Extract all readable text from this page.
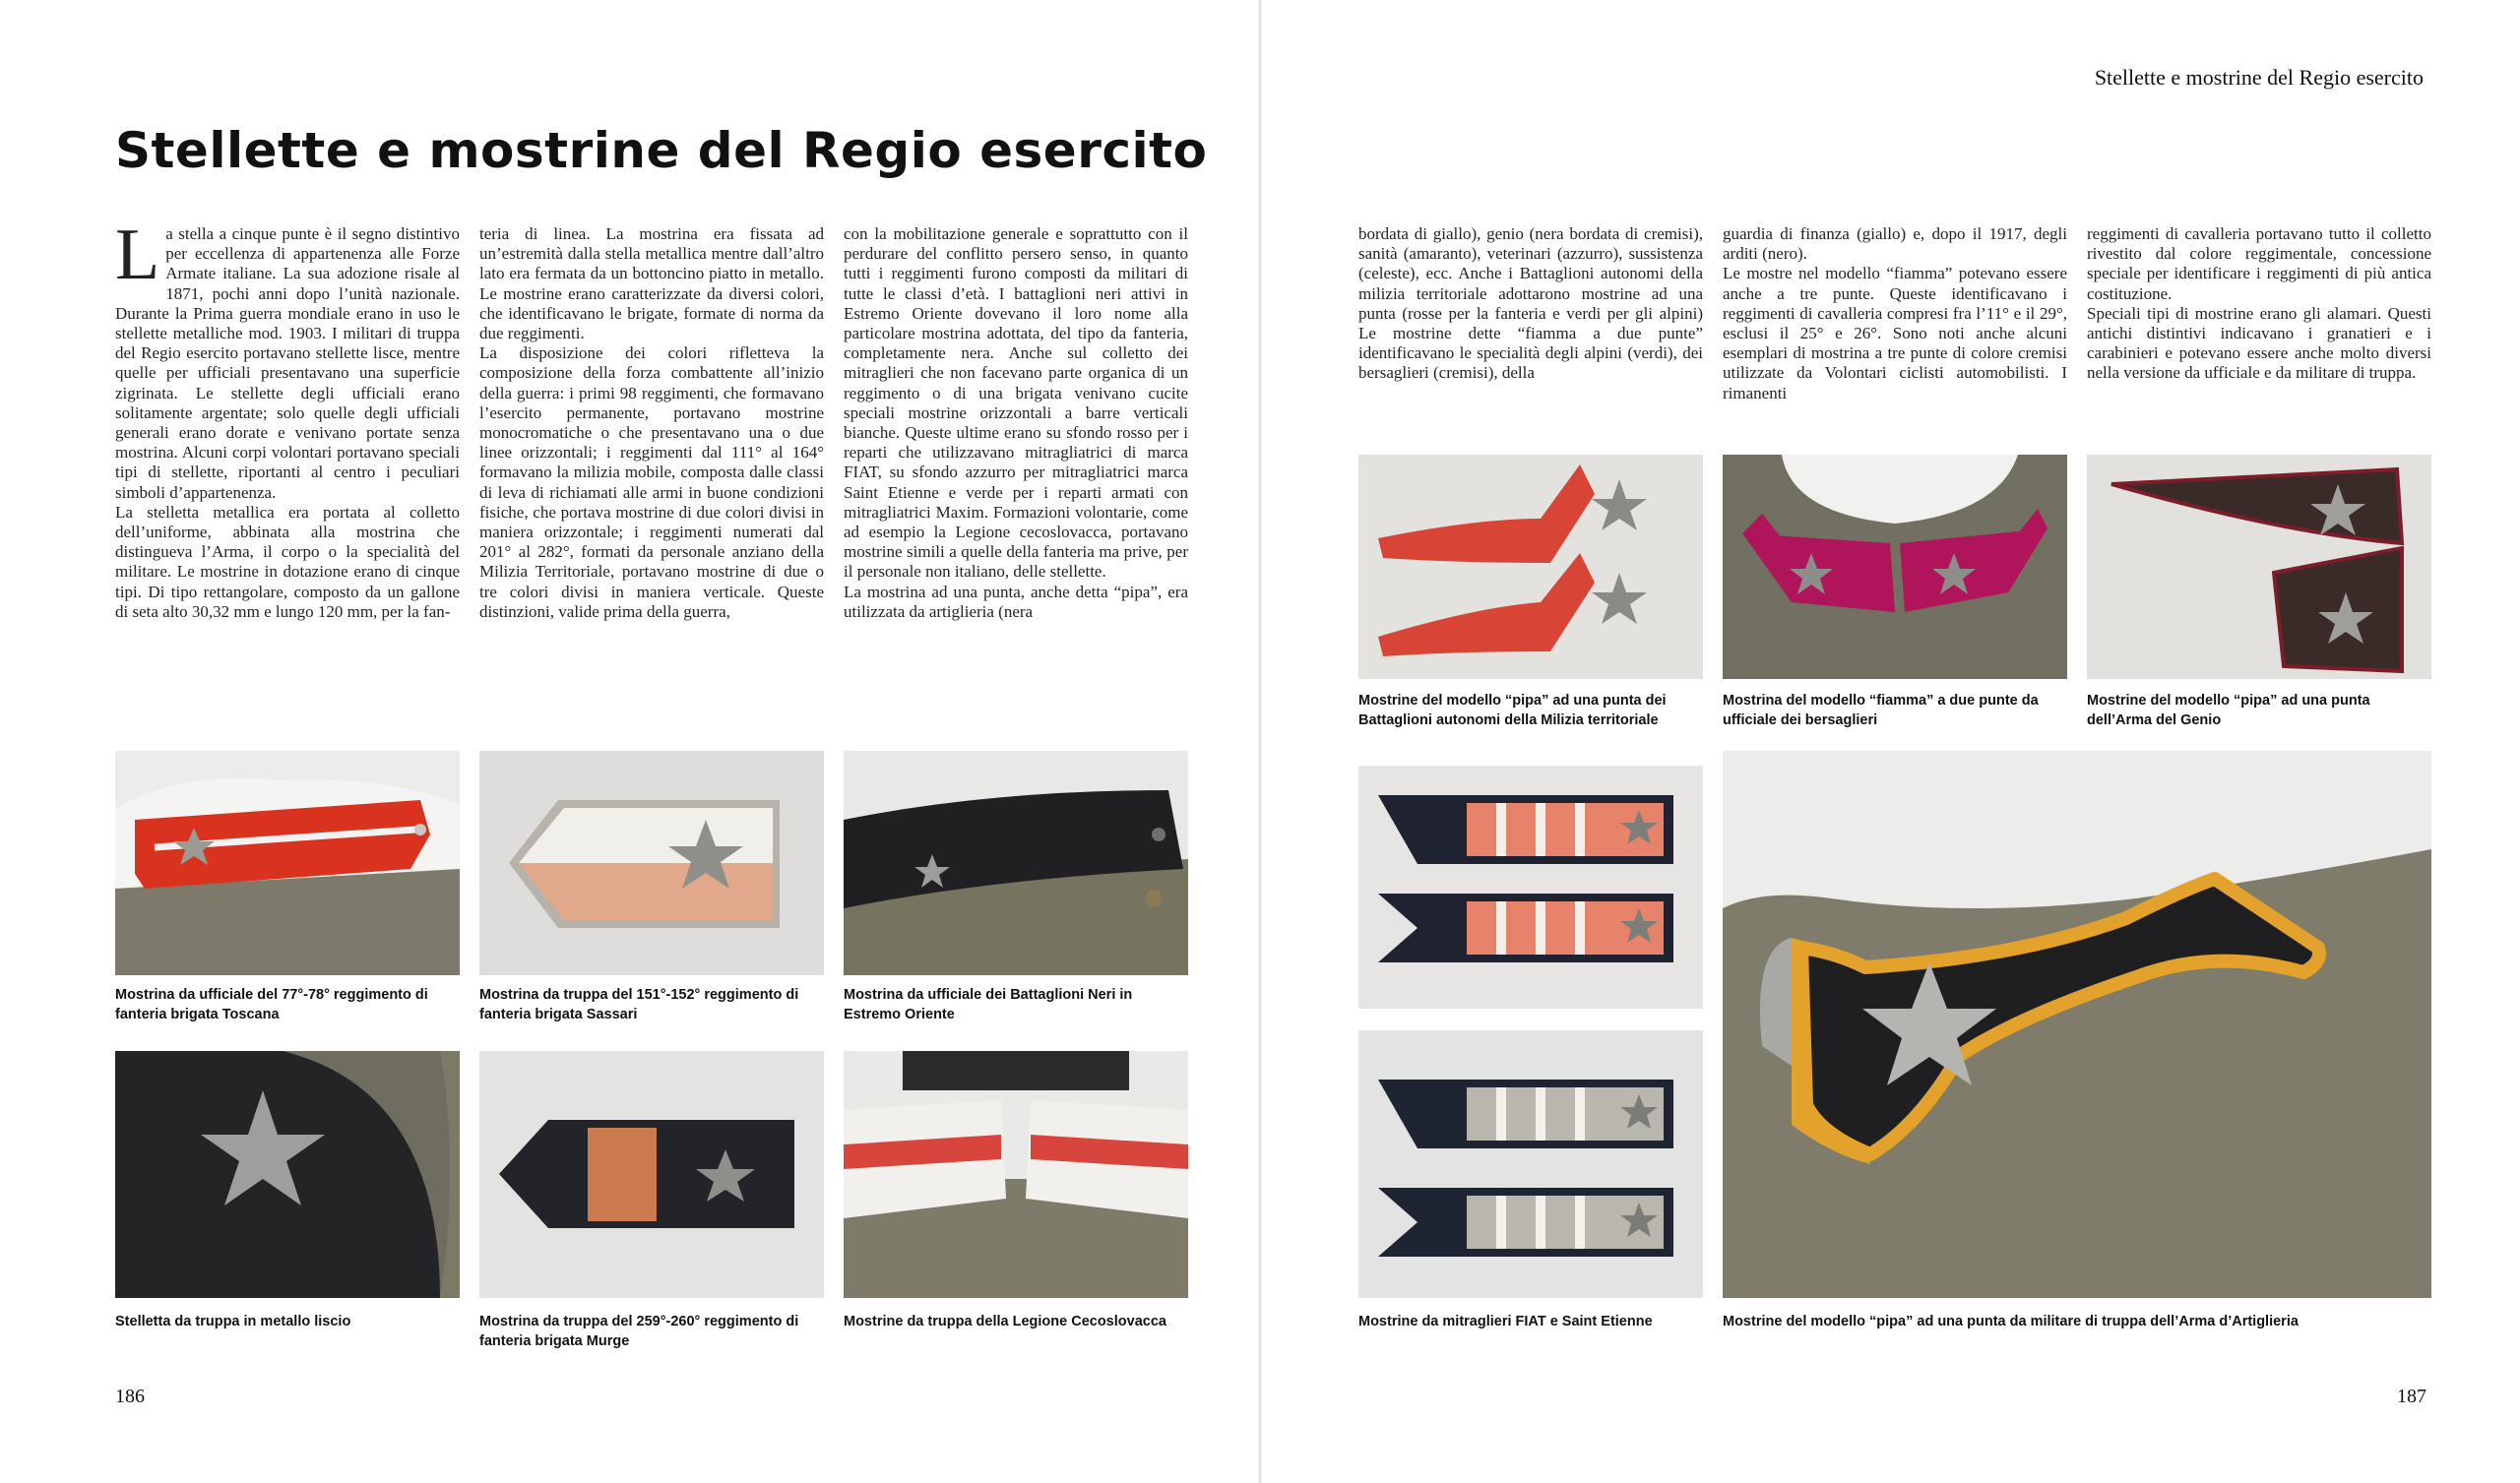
Stellette e mostrine del Regio esercito
Stellette e mostrine del Regio esercito
L a stella a cinque punte è il segno distintivo per eccellenza di appartenenza alle Forze Armate italiane. La sua adozione risale al 1871, pochi anni dopo l’unità nazionale. Durante la Prima guerra mondiale erano in uso le stellette metalliche mod. 1903. I militari di truppa del Regio esercito portavano stellette lisce, mentre quelle per ufficiali presentavano una superficie zigrinata. Le stellette degli ufficiali erano solitamente argentate; solo quelle degli ufficiali generali erano dorate e venivano portate senza mostrina. Alcuni corpi volontari portavano speciali tipi di stellette, riportanti al centro i peculiari simboli d’appartenenza.
La stelletta metallica era portata al colletto dell’uniforme, abbinata alla mostrina che distingueva l’Arma, il corpo o la specialità del militare. Le mostrine in dotazione erano di cinque tipi. Di tipo rettangolare, composto da un gallone di seta alto 30,32 mm e lungo 120 mm, per la fan-

teria di linea. La mostrina era fissata ad un’estremità dalla stella metallica mentre dall’altro lato era fermata da un bottoncino piatto in metallo. Le mostrine erano caratterizzate da diversi colori, che identificavano le brigate, formate di norma da due reggimenti.
La disposizione dei colori rifletteva la composizione della forza combattente all’inizio della guerra: i primi 98 reggimenti, che formavano l’esercito permanente, portavano mostrine monocromatiche o che presentavano una o due linee orizzontali; i reggimenti dal 111° al 164° formavano la milizia mobile, composta dalle classi di leva di richiamati alle armi in buone condizioni fisiche, che portava mostrine di due colori divisi in maniera orizzontale; i reggimenti numerati dal 201° al 282°, formati da personale anziano della Milizia Territoriale, portavano mostrine di due o tre colori divisi in maniera verticale. Queste distinzioni, valide prima della guerra,

con la mobilitazione generale e soprattutto con il perdurare del conflitto persero senso, in quanto tutti i reggimenti furono composti da militari di tutte le classi d’età. I battaglioni neri attivi in Estremo Oriente dovevano il loro nome alla particolare mostrina adottata, del tipo da fanteria, completamente nera. Anche sul colletto dei mitraglieri che non facevano parte organica di un reggimento o di una brigata venivano cucite speciali mostrine orizzontali a barre verticali bianche. Queste ultime erano su sfondo rosso per i reparti che utilizzavano mitragliatrici di marca FIAT, su sfondo azzurro per mitragliatrici marca Saint Etienne e verde per i reparti armati con mitragliatrici Maxim. Formazioni volontarie, come ad esempio la Legione cecoslovacca, portavano mostrine simili a quelle della fanteria ma prive, per il personale non italiano, delle stellette.
La mostrina ad una punta, anche detta “pipa”, era utilizzata da artiglieria (nera

bordata di giallo), genio (nera bordata di cremisi), sanità (amaranto), veterinari (azzurro), sussistenza (celeste), ecc. Anche i Battaglioni autonomi della milizia territoriale adottarono mostrine ad una punta (rosse per la fanteria e verdi per gli alpini) Le mostrine dette “fiamma a due punte” identificavano le specialità degli alpini (verdi), dei bersaglieri (cremisi), della

guardia di finanza (giallo) e, dopo il 1917, degli arditi (nero).
Le mostre nel modello “fiamma” potevano essere anche a tre punte. Queste identificavano i reggimenti di cavalleria compresi fra l’11° e il 29°, esclusi il 25° e 26°. Sono noti anche alcuni esemplari di mostrina a tre punte di colore cremisi utilizzate da Volontari ciclisti automobilisti. I rimanenti

reggimenti di cavalleria portavano tutto il colletto rivestito dal colore reggimentale, concessione speciale per identificare i reggimenti di più antica costituzione.
Speciali tipi di mostrine erano gli alamari. Questi antichi distintivi indicavano i granatieri e i carabinieri e potevano essere anche molto diversi nella versione da ufficiale e da militare di truppa.

Mostrina da ufficiale del 77°-78° reggimento di fanteria brigata Toscana
Mostrina da truppa del 151°-152° reggimento di fanteria brigata Sassari
Mostrina da ufficiale dei Battaglioni Neri in Estremo Oriente
Stelletta da truppa in metallo liscio	Mostrina da truppa del 259°-260° reggimento di fanteria brigata Murge
Mostrine da truppa della Legione Cecoslovacca
Mostrine del modello “pipa” ad una punta dei Battaglioni autonomi della Milizia territoriale
Mostrina del modello “fiamma” a due punte da ufficiale dei bersaglieri
Mostrine del modello “pipa” ad una punta dell’Arma del Genio
Mostrine da mitraglieri FIAT e Saint Etienne	Mostrine del modello “pipa” ad una punta da militare di truppa dell’Arma d’Artiglieria
186	187
